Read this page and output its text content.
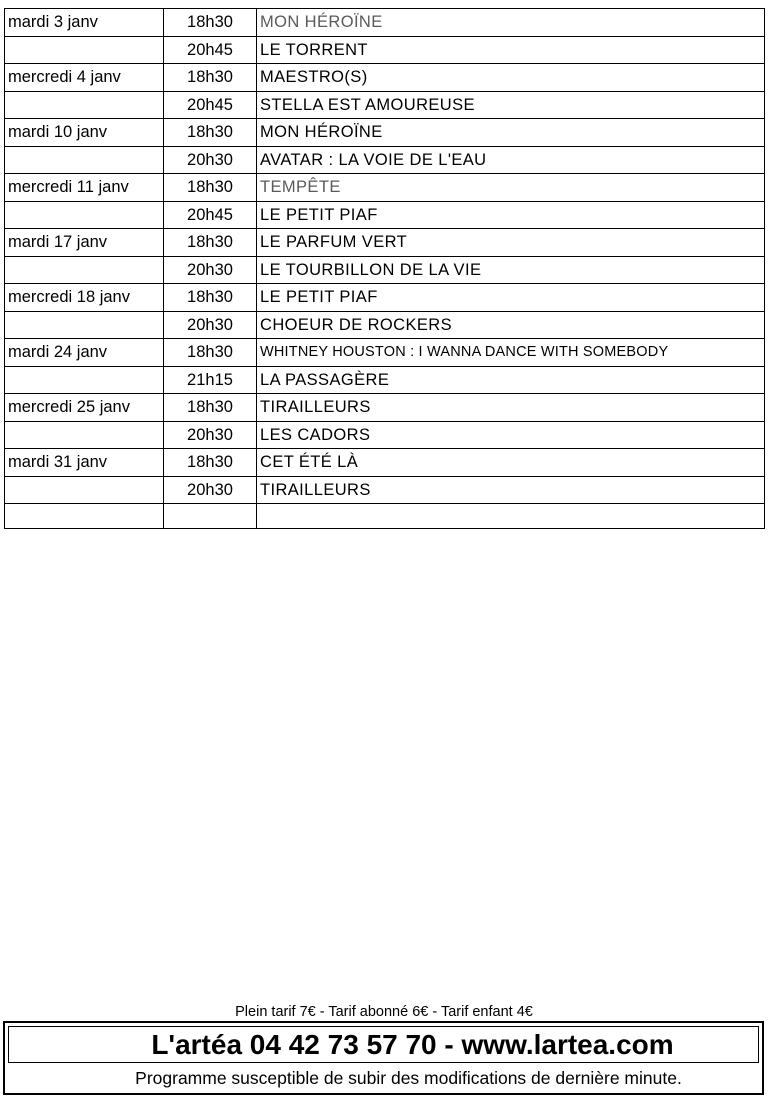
mardi 3 janv	18h30	MON HÉROÏNE
	20h45	LE TORRENT
mercredi 4 janv	18h30	MAESTRO(S)
	20h45	STELLA EST AMOUREUSE
mardi 10 janv	18h30	MON HÉROÏNE
	20h30	AVATAR : LA VOIE DE L'EAU
mercredi 11 janv	18h30	TEMPÊTE
	20h45	LE PETIT PIAF
mardi 17 janv	18h30	LE PARFUM VERT
	20h30	LE TOURBILLON DE LA VIE
mercredi 18 janv	18h30	LE PETIT PIAF
	20h30	CHOEUR DE ROCKERS
mardi 24 janv	18h30	WHITNEY HOUSTON : I WANNA DANCE WITH SOMEBODY
	21h15	LA PASSAGÈRE
mercredi 25 janv	18h30	TIRAILLEURS
	20h30	LES CADORS
mardi 31 janv	18h30	CET ÉTÉ LÀ
	20h30	TIRAILLEURS

Plein tarif 7€ - Tarif abonné 6€ - Tarif enfant 4€
L'artéa 04 42 73 57 70 - www.lartea.com
Programme susceptible de subir des modifications de dernière minute.
